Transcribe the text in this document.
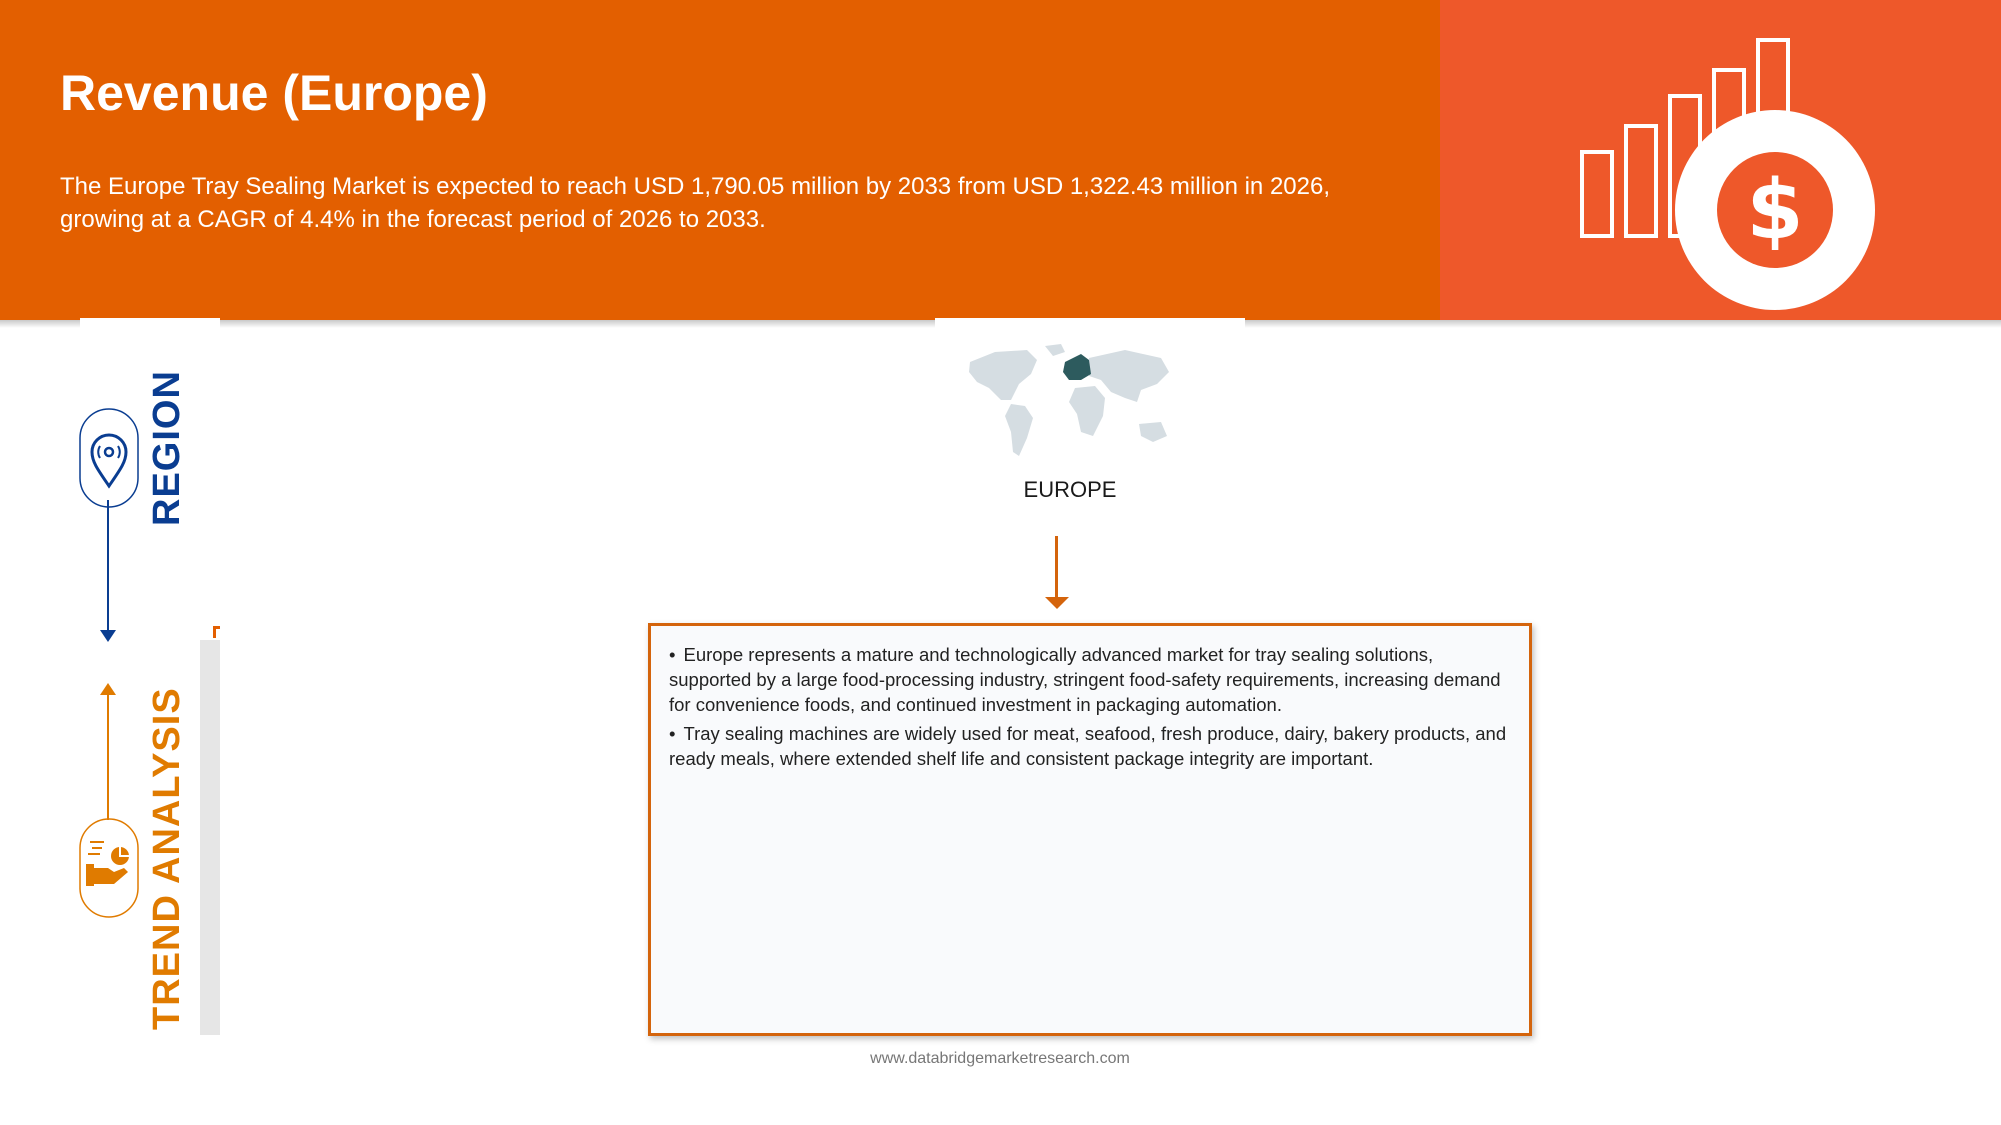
Revenue (Europe)

The Europe Tray Sealing Market is expected to reach USD 1,790.05 million by 2033 from USD 1,322.43 million in 2026, growing at a CAGR of 4.4% in the forecast period of 2026 to 2033.	$
REGION
TREND ANALYSIS
EUROPE

• Europe represents a mature and technologically advanced market for tray sealing solutions, supported by a large food-processing industry, stringent food-safety requirements, increasing demand for convenience foods, and continued investment in packaging automation.

• Tray sealing machines are widely used for meat, seafood, fresh produce, dairy, bakery products, and ready meals, where extended shelf life and consistent package integrity are important.

www.databridgemarketresearch.com
